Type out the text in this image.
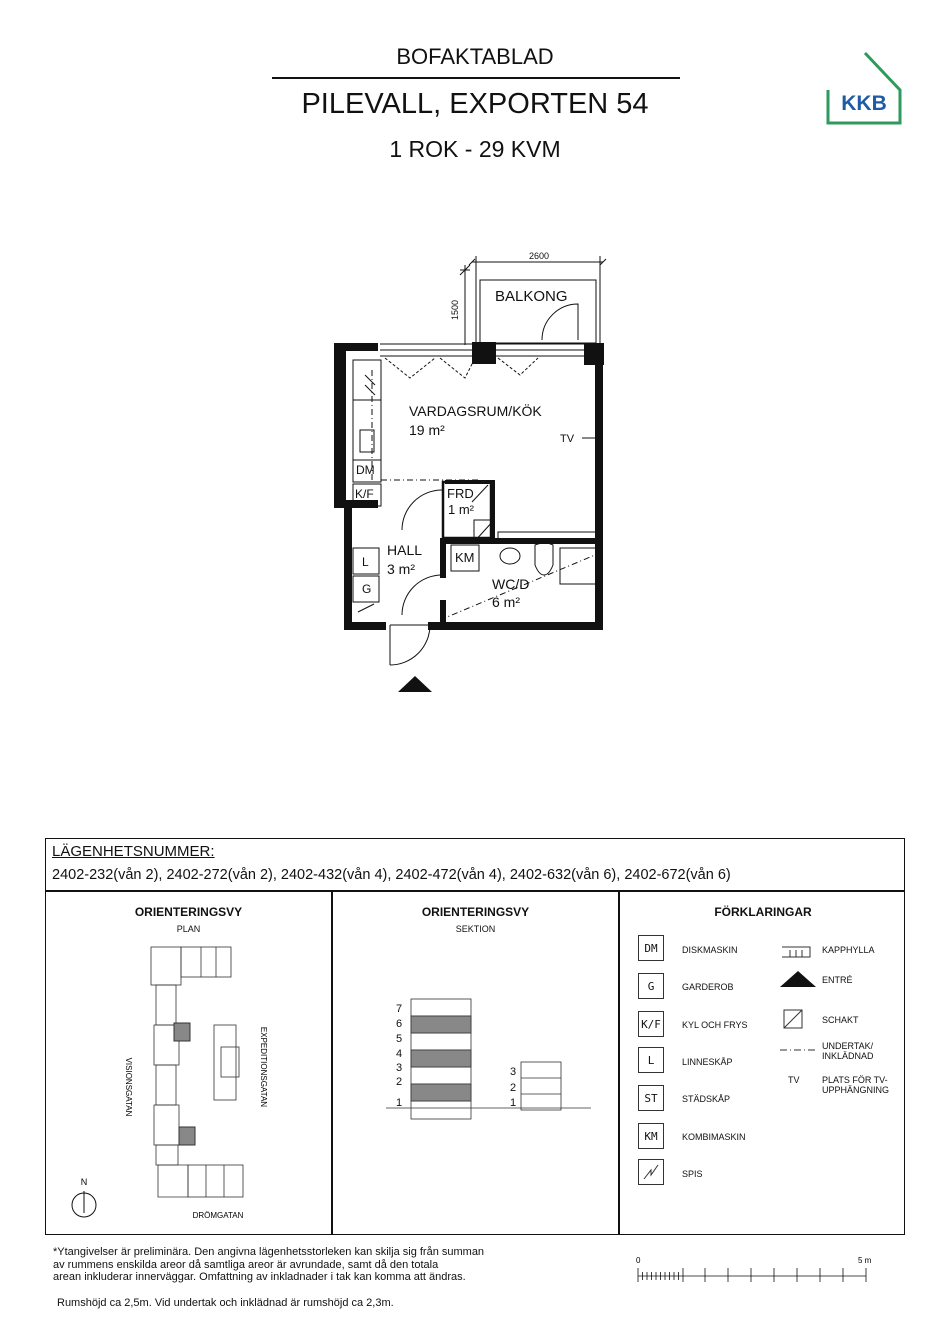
BOFAKTABLAD
PILEVALL, EXPORTEN 54
1 ROK - 29 KVM
KKB
2600
1500
BALKONG
VARDAGSRUM/KÖK
19 m²
FRD
1 m²
HALL
3 m²
WC/D
6 m²
TV
DM
K/F
KM
L
G
LÄGENHETSNUMMER:
2402-232(vån 2), 2402-272(vån 2), 2402-432(vån 4), 2402-472(vån 4), 2402-632(vån 6), 2402-672(vån 6)
ORIENTERINGSVY
PLAN
N
VISIONSGATAN	EXPEDITIONSGATAN
DRÖMGATAN
ORIENTERINGSVY
SEKTION
7
6
5
4
3
2
1
3
2
1
FÖRKLARINGAR
DM	DISKMASKIN
G	GARDEROB
K/F	KYL OCH FRYS
L	LINNESKÅP
ST	STÄDSKÅP
KM	KOMBIMASKIN
SPIS
KAPPHYLLA
ENTRÉ
SCHAKT
UNDERTAK/
INKLÄDNAD
TV PLATS FÖR TV-
UPPHÄNGNING
*Ytangivelser är preliminära. Den angivna lägenhetsstorleken kan skilja sig från summan
av rummens enskilda areor då samtliga areor är avrundade, samt då den totala
arean inkluderar innerväggar. Omfattning av inkladnader i tak kan komma att ändras.
Rumshöjd ca 2,5m. Vid undertak och inklädnad är rumshöjd ca 2,3m.
0	5 m
